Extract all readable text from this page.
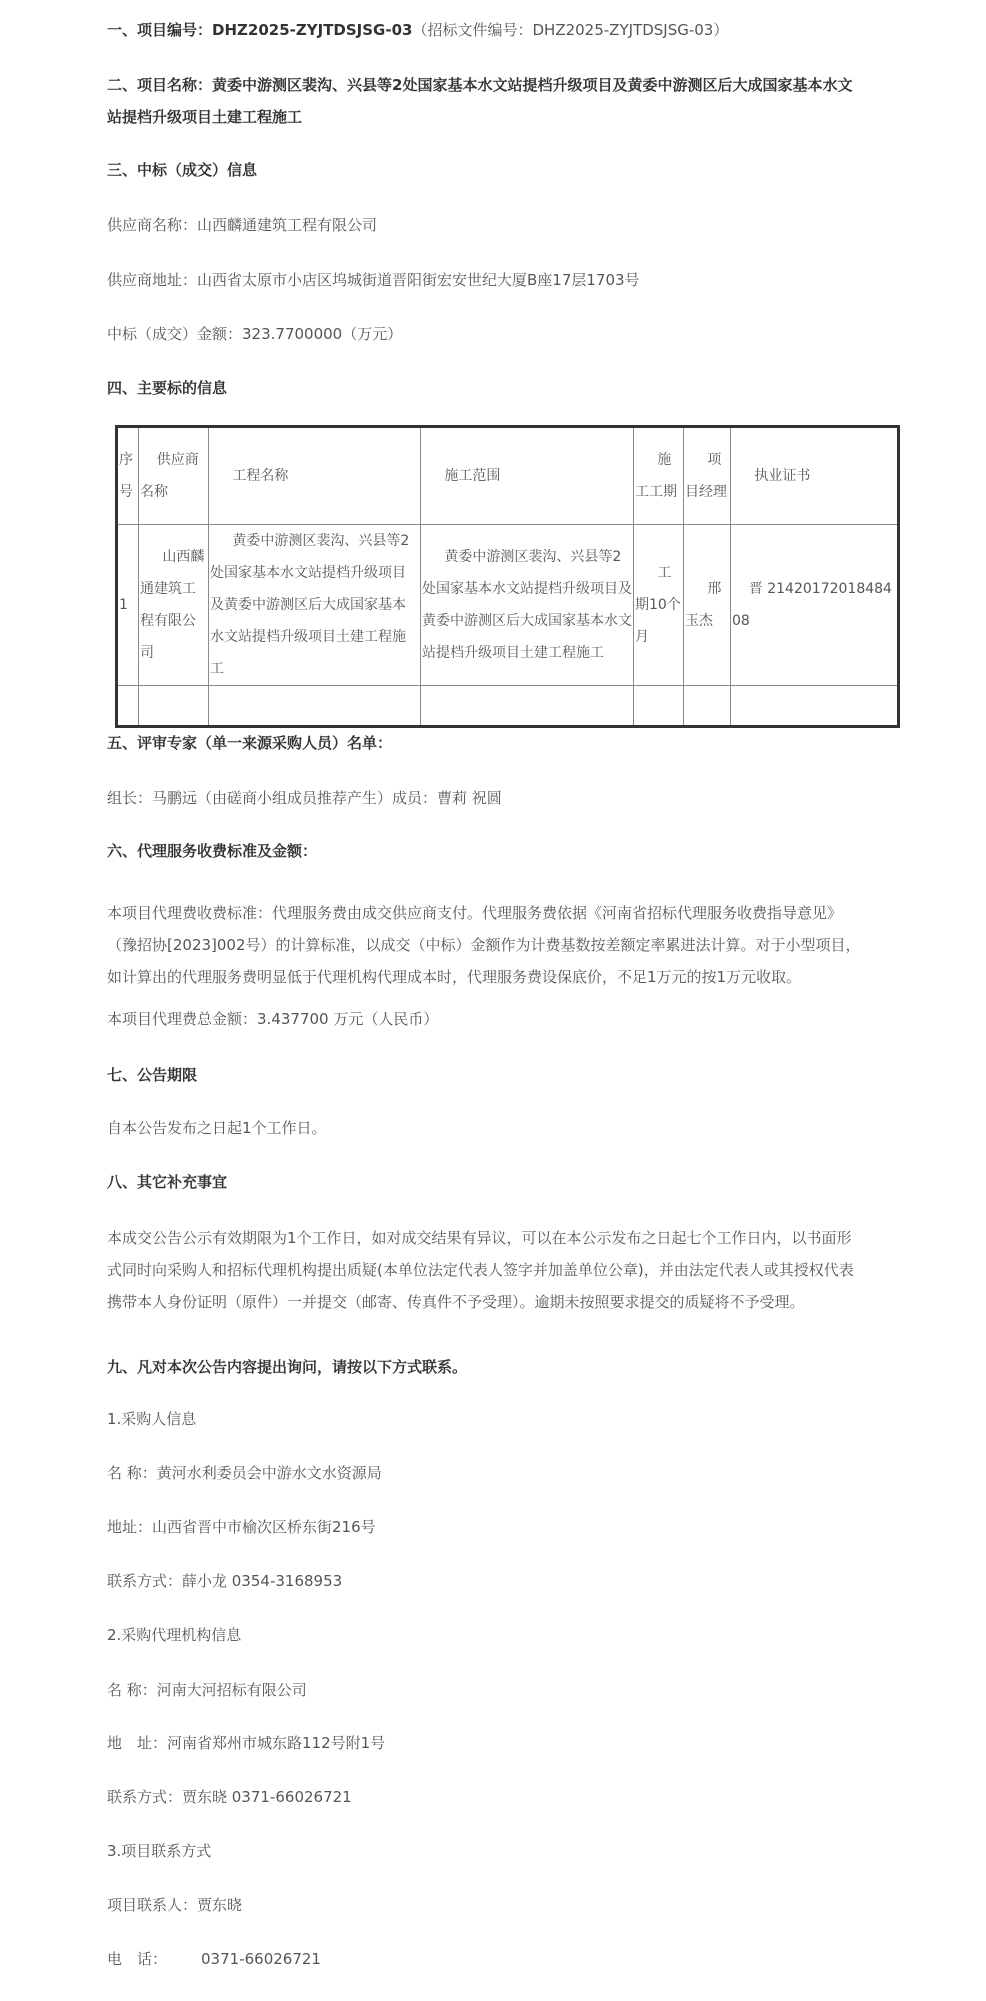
一、项目编号：DHZ2025-ZYJTDSJSG-03（招标文件编号：DHZ2025-ZYJTDSJSG-03）
二、项目名称：黄委中游测区裴沟、兴县等2处国家基本水文站提档升级项目及黄委中游测区后大成国家基本水文
站提档升级项目土建工程施工
三、中标（成交）信息
供应商名称：山西麟通建筑工程有限公司
供应商地址：山西省太原市小店区坞城街道晋阳街宏安世纪大厦B座17层1703号
中标（成交）金额：323.7700000（万元）
四、主要标的信息
序号	供应商名称	工程名称	施工范围	施工工期	项目经理	执业证书
1	山西麟通建筑工程有限公司	黄委中游测区裴沟、兴县等2处国家基本水文站提档升级项目及黄委中游测区后大成国家基本水文站提档升级项目土建工程施工	黄委中游测区裴沟、兴县等2处国家基本水文站提档升级项目及黄委中游测区后大成国家基本水文站提档升级项目土建工程施工	工期10个月	邢玉杰	晋 2142017201848408

五、评审专家（单一来源采购人员）名单：
组长：马鹏远（由磋商小组成员推荐产生）成员：曹莉 祝圆
六、代理服务收费标准及金额：
本项目代理费收费标准：代理服务费由成交供应商支付。代理服务费依据《河南省招标代理服务收费指导意见》
（豫招协[2023]002号）的计算标准，以成交（中标）金额作为计费基数按差额定率累进法计算。对于小型项目，
如计算出的代理服务费明显低于代理机构代理成本时，代理服务费设保底价，不足1万元的按1万元收取。
本项目代理费总金额：3.437700 万元（人民币）
七、公告期限
自本公告发布之日起1个工作日。
八、其它补充事宜
本成交公告公示有效期限为1个工作日，如对成交结果有异议，可以在本公示发布之日起七个工作日内，以书面形
式同时向采购人和招标代理机构提出质疑(本单位法定代表人签字并加盖单位公章)，并由法定代表人或其授权代表
携带本人身份证明（原件）一并提交（邮寄、传真件不予受理）。逾期未按照要求提交的质疑将不予受理。
九、凡对本次公告内容提出询问，请按以下方式联系。
1.采购人信息
名 称：黄河水利委员会中游水文水资源局
地址：山西省晋中市榆次区桥东街216号
联系方式：薛小龙 0354-3168953
2.采购代理机构信息
名 称：河南大河招标有限公司
地　址：河南省郑州市城东路112号附1号
联系方式：贾东晓 0371-66026721
3.项目联系方式
项目联系人：贾东晓
电　话： 0371-66026721
